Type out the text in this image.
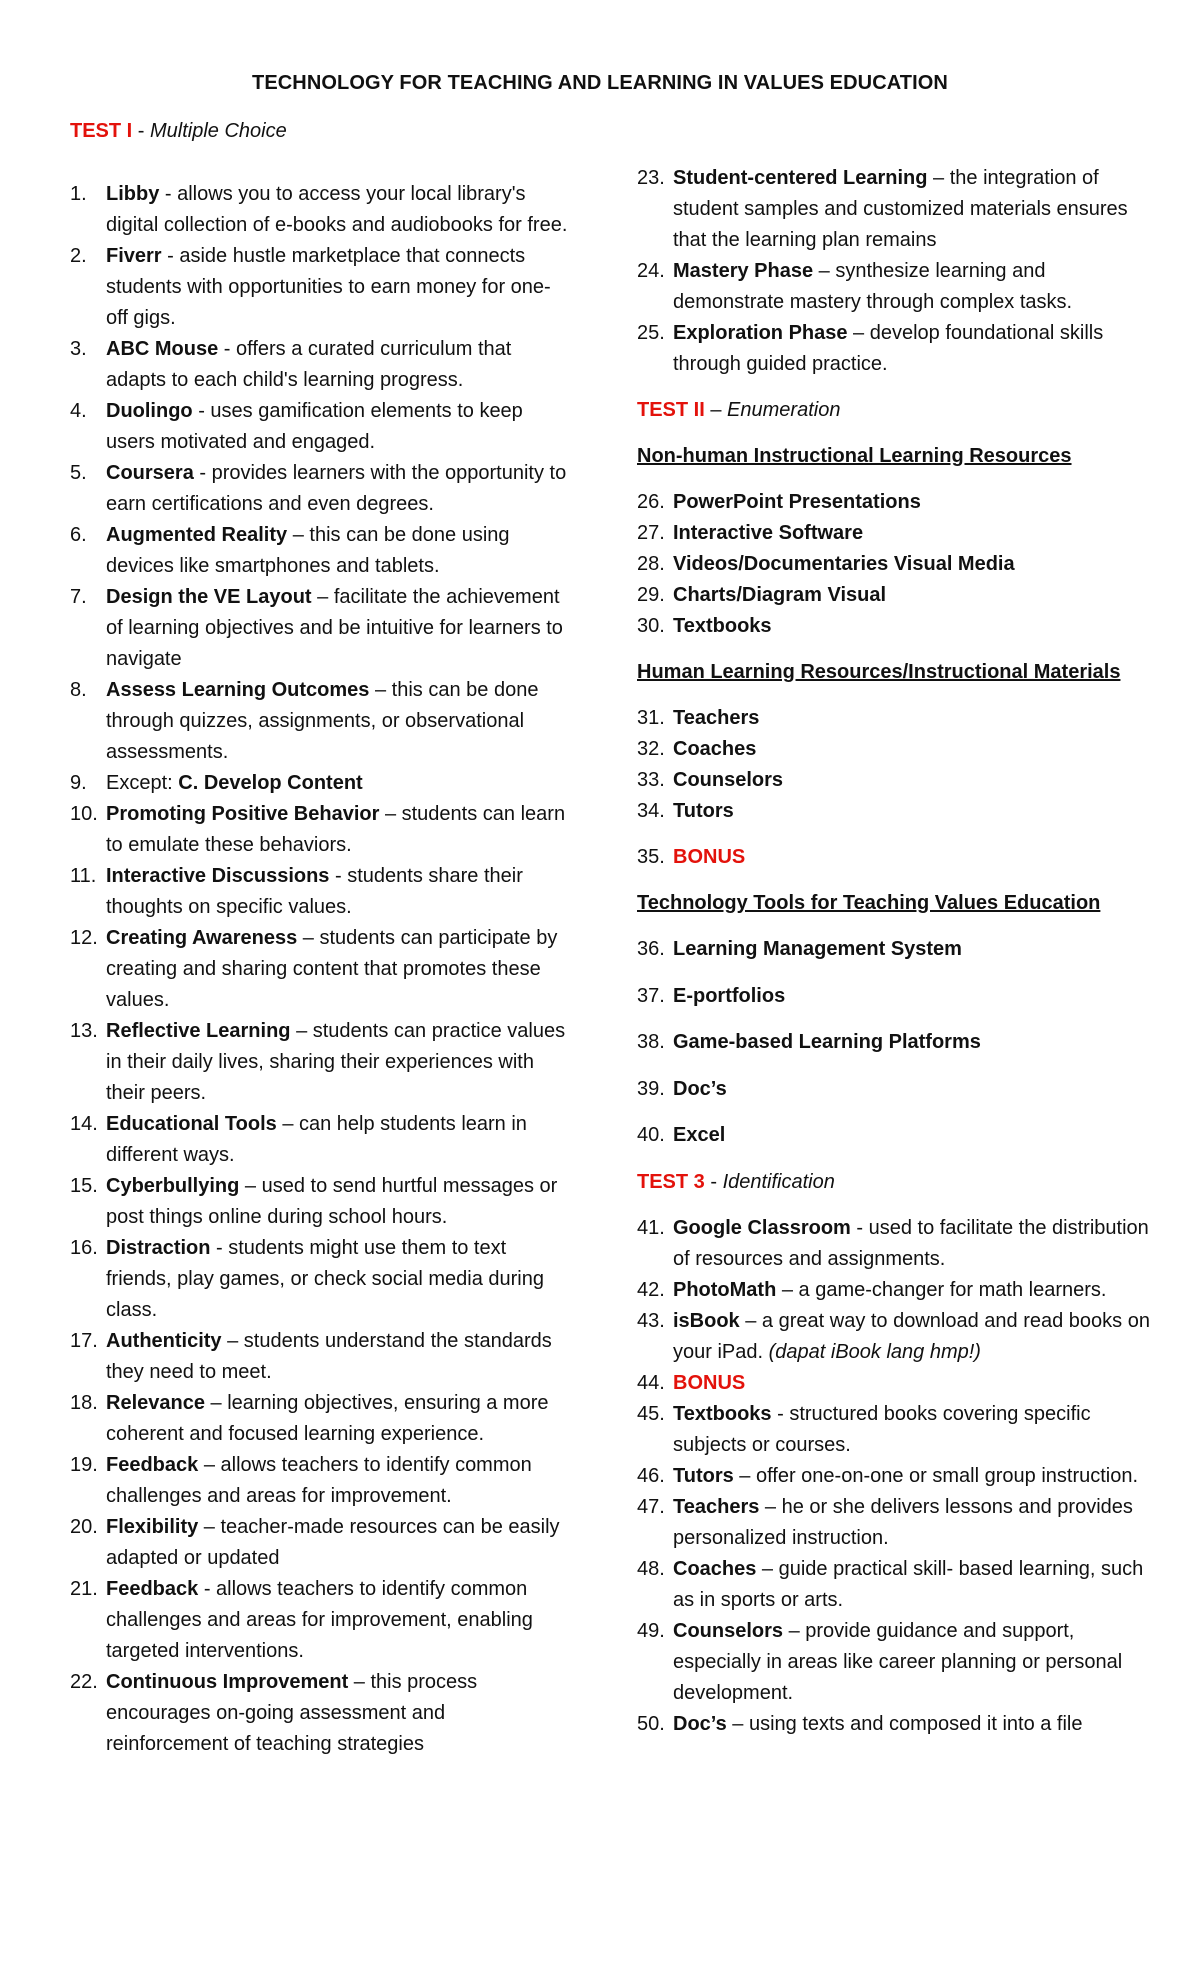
TECHNOLOGY FOR TEACHING AND LEARNING IN VALUES EDUCATION

TEST I - Multiple Choice

1. Libby - allows you to access your local library's digital collection of e-books and audiobooks for free.
2. Fiverr - aside hustle marketplace that connects students with opportunities to earn money for one-off gigs.
3. ABC Mouse - offers a curated curriculum that adapts to each child's learning progress.
4. Duolingo - uses gamification elements to keep users motivated and engaged.
5. Coursera - provides learners with the opportunity to earn certifications and even degrees.
6. Augmented Reality – this can be done using devices like smartphones and tablets.
7. Design the VE Layout – facilitate the achievement of learning objectives and be intuitive for learners to navigate
8. Assess Learning Outcomes – this can be done through quizzes, assignments, or observational assessments.
9. Except: C. Develop Content
10. Promoting Positive Behavior – students can learn to emulate these behaviors.
11. Interactive Discussions - students share their thoughts on specific values.
12. Creating Awareness – students can participate by creating and sharing content that promotes these values.
13. Reflective Learning – students can practice values in their daily lives, sharing their experiences with their peers.
14. Educational Tools – can help students learn in different ways.
15. Cyberbullying – used to send hurtful messages or post things online during school hours.
16. Distraction - students might use them to text friends, play games, or check social media during class.
17. Authenticity – students understand the standards they need to meet.
18. Relevance – learning objectives, ensuring a more coherent and focused learning experience.
19. Feedback – allows teachers to identify common challenges and areas for improvement.
20. Flexibility – teacher-made resources can be easily adapted or updated
21. Feedback - allows teachers to identify common challenges and areas for improvement, enabling targeted interventions.
22. Continuous Improvement – this process encourages on-going assessment and reinforcement of teaching strategies
23. Student-centered Learning – the integration of student samples and customized materials ensures that the learning plan remains
24. Mastery Phase – synthesize learning and demonstrate mastery through complex tasks.
25. Exploration Phase – develop foundational skills through guided practice.

TEST II – Enumeration

Non-human Instructional Learning Resources

26. PowerPoint Presentations
27. Interactive Software
28. Videos/Documentaries Visual Media
29. Charts/Diagram Visual
30. Textbooks

Human Learning Resources/Instructional Materials

31. Teachers
32. Coaches
33. Counselors
34. Tutors
35. BONUS

Technology Tools for Teaching Values Education

36. Learning Management System
37. E-portfolios
38. Game-based Learning Platforms
39. Doc’s
40. Excel

TEST 3 - Identification

41. Google Classroom - used to facilitate the distribution of resources and assignments.
42. PhotoMath – a game-changer for math learners.
43. isBook – a great way to download and read books on your iPad. (dapat iBook lang hmp!)
44. BONUS
45. Textbooks - structured books covering specific subjects or courses.
46. Tutors – offer one-on-one or small group instruction.
47. Teachers – he or she delivers lessons and provides personalized instruction.
48. Coaches – guide practical skill- based learning, such as in sports or arts.
49. Counselors – provide guidance and support, especially in areas like career planning or personal development.
50. Doc’s – using texts and composed it into a file
